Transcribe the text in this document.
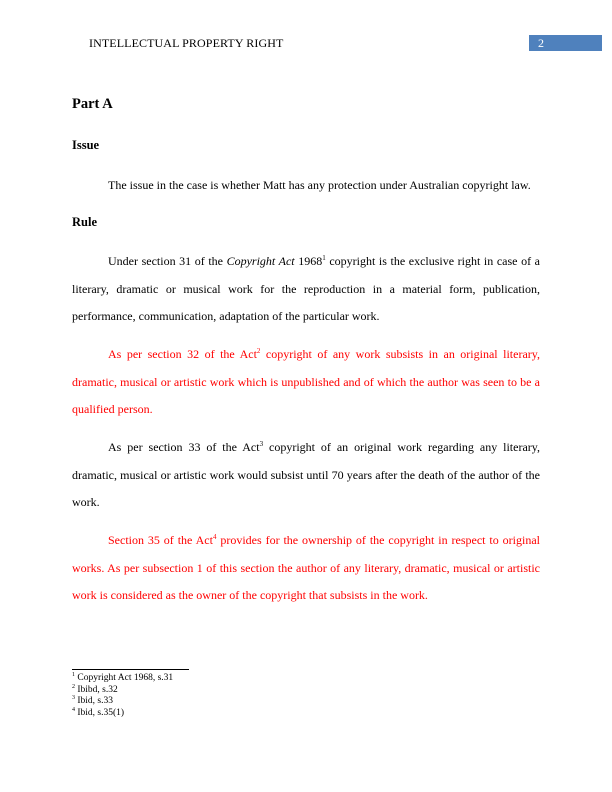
INTELLECTUAL PROPERTY RIGHT	2
Part A
Issue

The issue in the case is whether Matt has any protection under Australian copyright law.

Rule

Under section 31 of the Copyright Act 1968$^1$ copyright is the exclusive right in case of a literary, dramatic or musical work for the reproduction in a material form, publication, performance, communication, adaptation of the particular work.

As per section 32 of the Act$^2$ copyright of any work subsists in an original literary, dramatic, musical or artistic work which is unpublished and of which the author was seen to be a qualified person.

As per section 33 of the Act$^3$ copyright of an original work regarding any literary, dramatic, musical or artistic work would subsist until 70 years after the death of the author of the work.

Section 35 of the Act$^4$ provides for the ownership of the copyright in respect to original works. As per subsection 1 of this section the author of any literary, dramatic, musical or artistic work is considered as the owner of the copyright that subsists in the work.

$^1$ Copyright Act 1968, s.31
$^2$ Ibibd, s.32
$^3$ Ibid, s.33
$^4$ Ibid, s.35(1)
